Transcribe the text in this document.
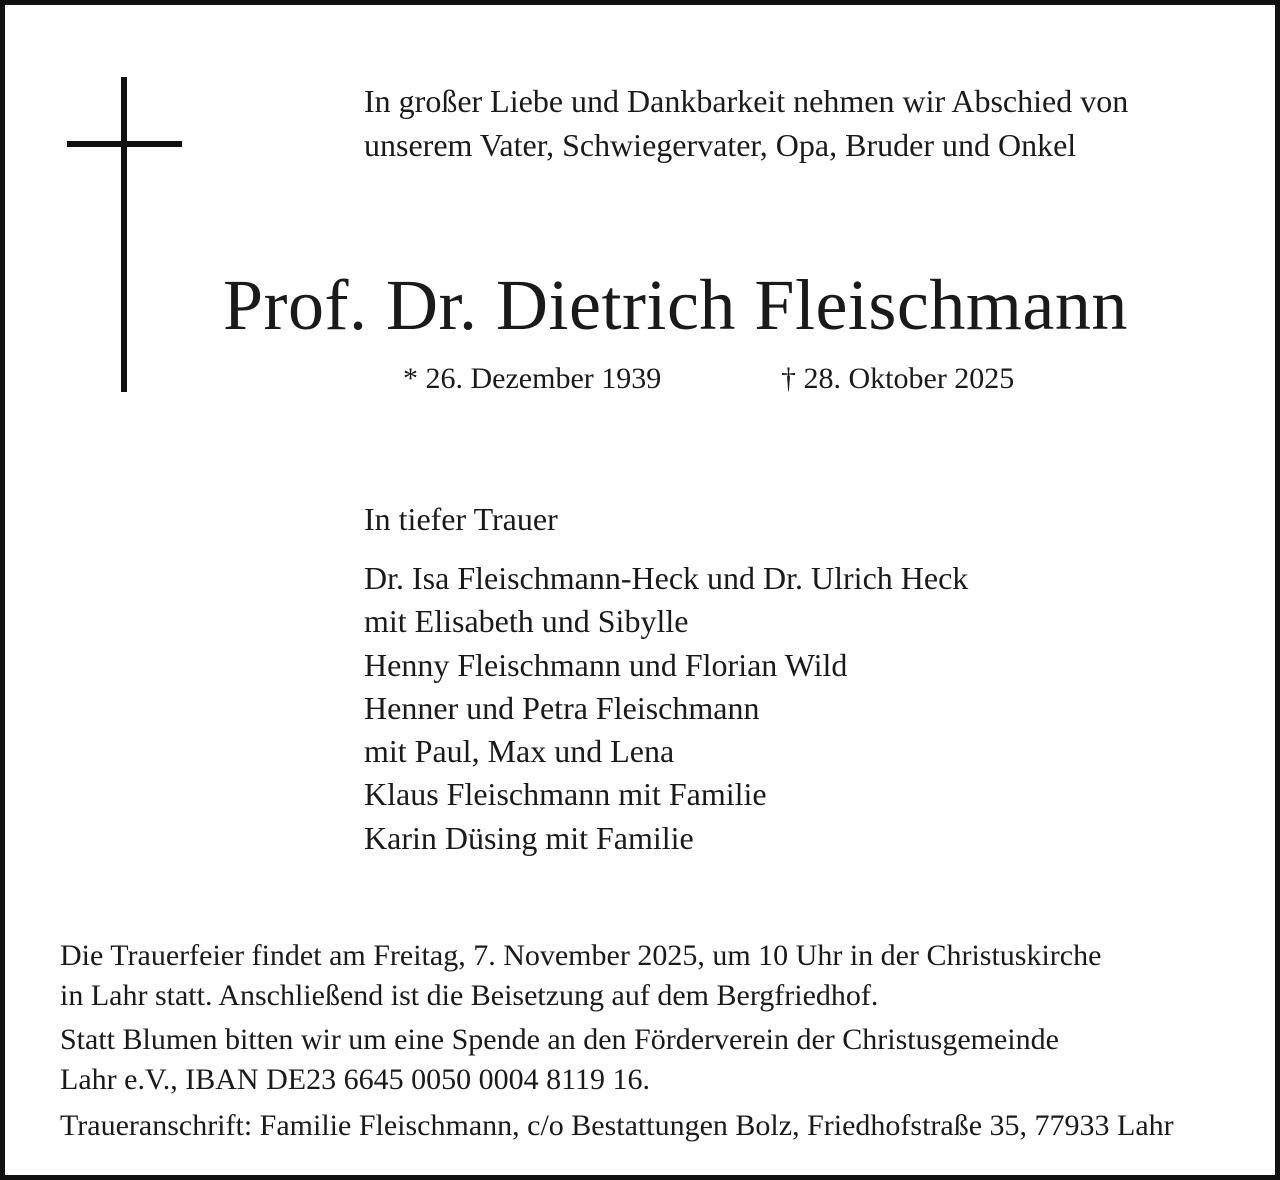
In großer Liebe und Dankbarkeit nehmen wir Abschied von
unserem Vater, Schwiegervater, Opa, Bruder und Onkel
Prof. Dr. Dietrich Fleischmann
* 26. Dezember 1939	† 28. Oktober 2025
In tiefer Trauer
Dr. Isa Fleischmann-Heck und Dr. Ulrich Heck
mit Elisabeth und Sibylle
Henny Fleischmann und Florian Wild
Henner und Petra Fleischmann
mit Paul, Max und Lena
Klaus Fleischmann mit Familie
Karin Düsing mit Familie

Die Trauerfeier findet am Freitag, 7. November 2025, um 10 Uhr in der Christuskirche
in Lahr statt. Anschließend ist die Beisetzung auf dem Bergfriedhof.

Statt Blumen bitten wir um eine Spende an den Förderverein der Christusgemeinde
Lahr e.V., IBAN DE23 6645 0050 0004 8119 16.

Traueranschrift: Familie Fleischmann, c/o Bestattungen Bolz, Friedhofstraße 35, 77933 Lahr
